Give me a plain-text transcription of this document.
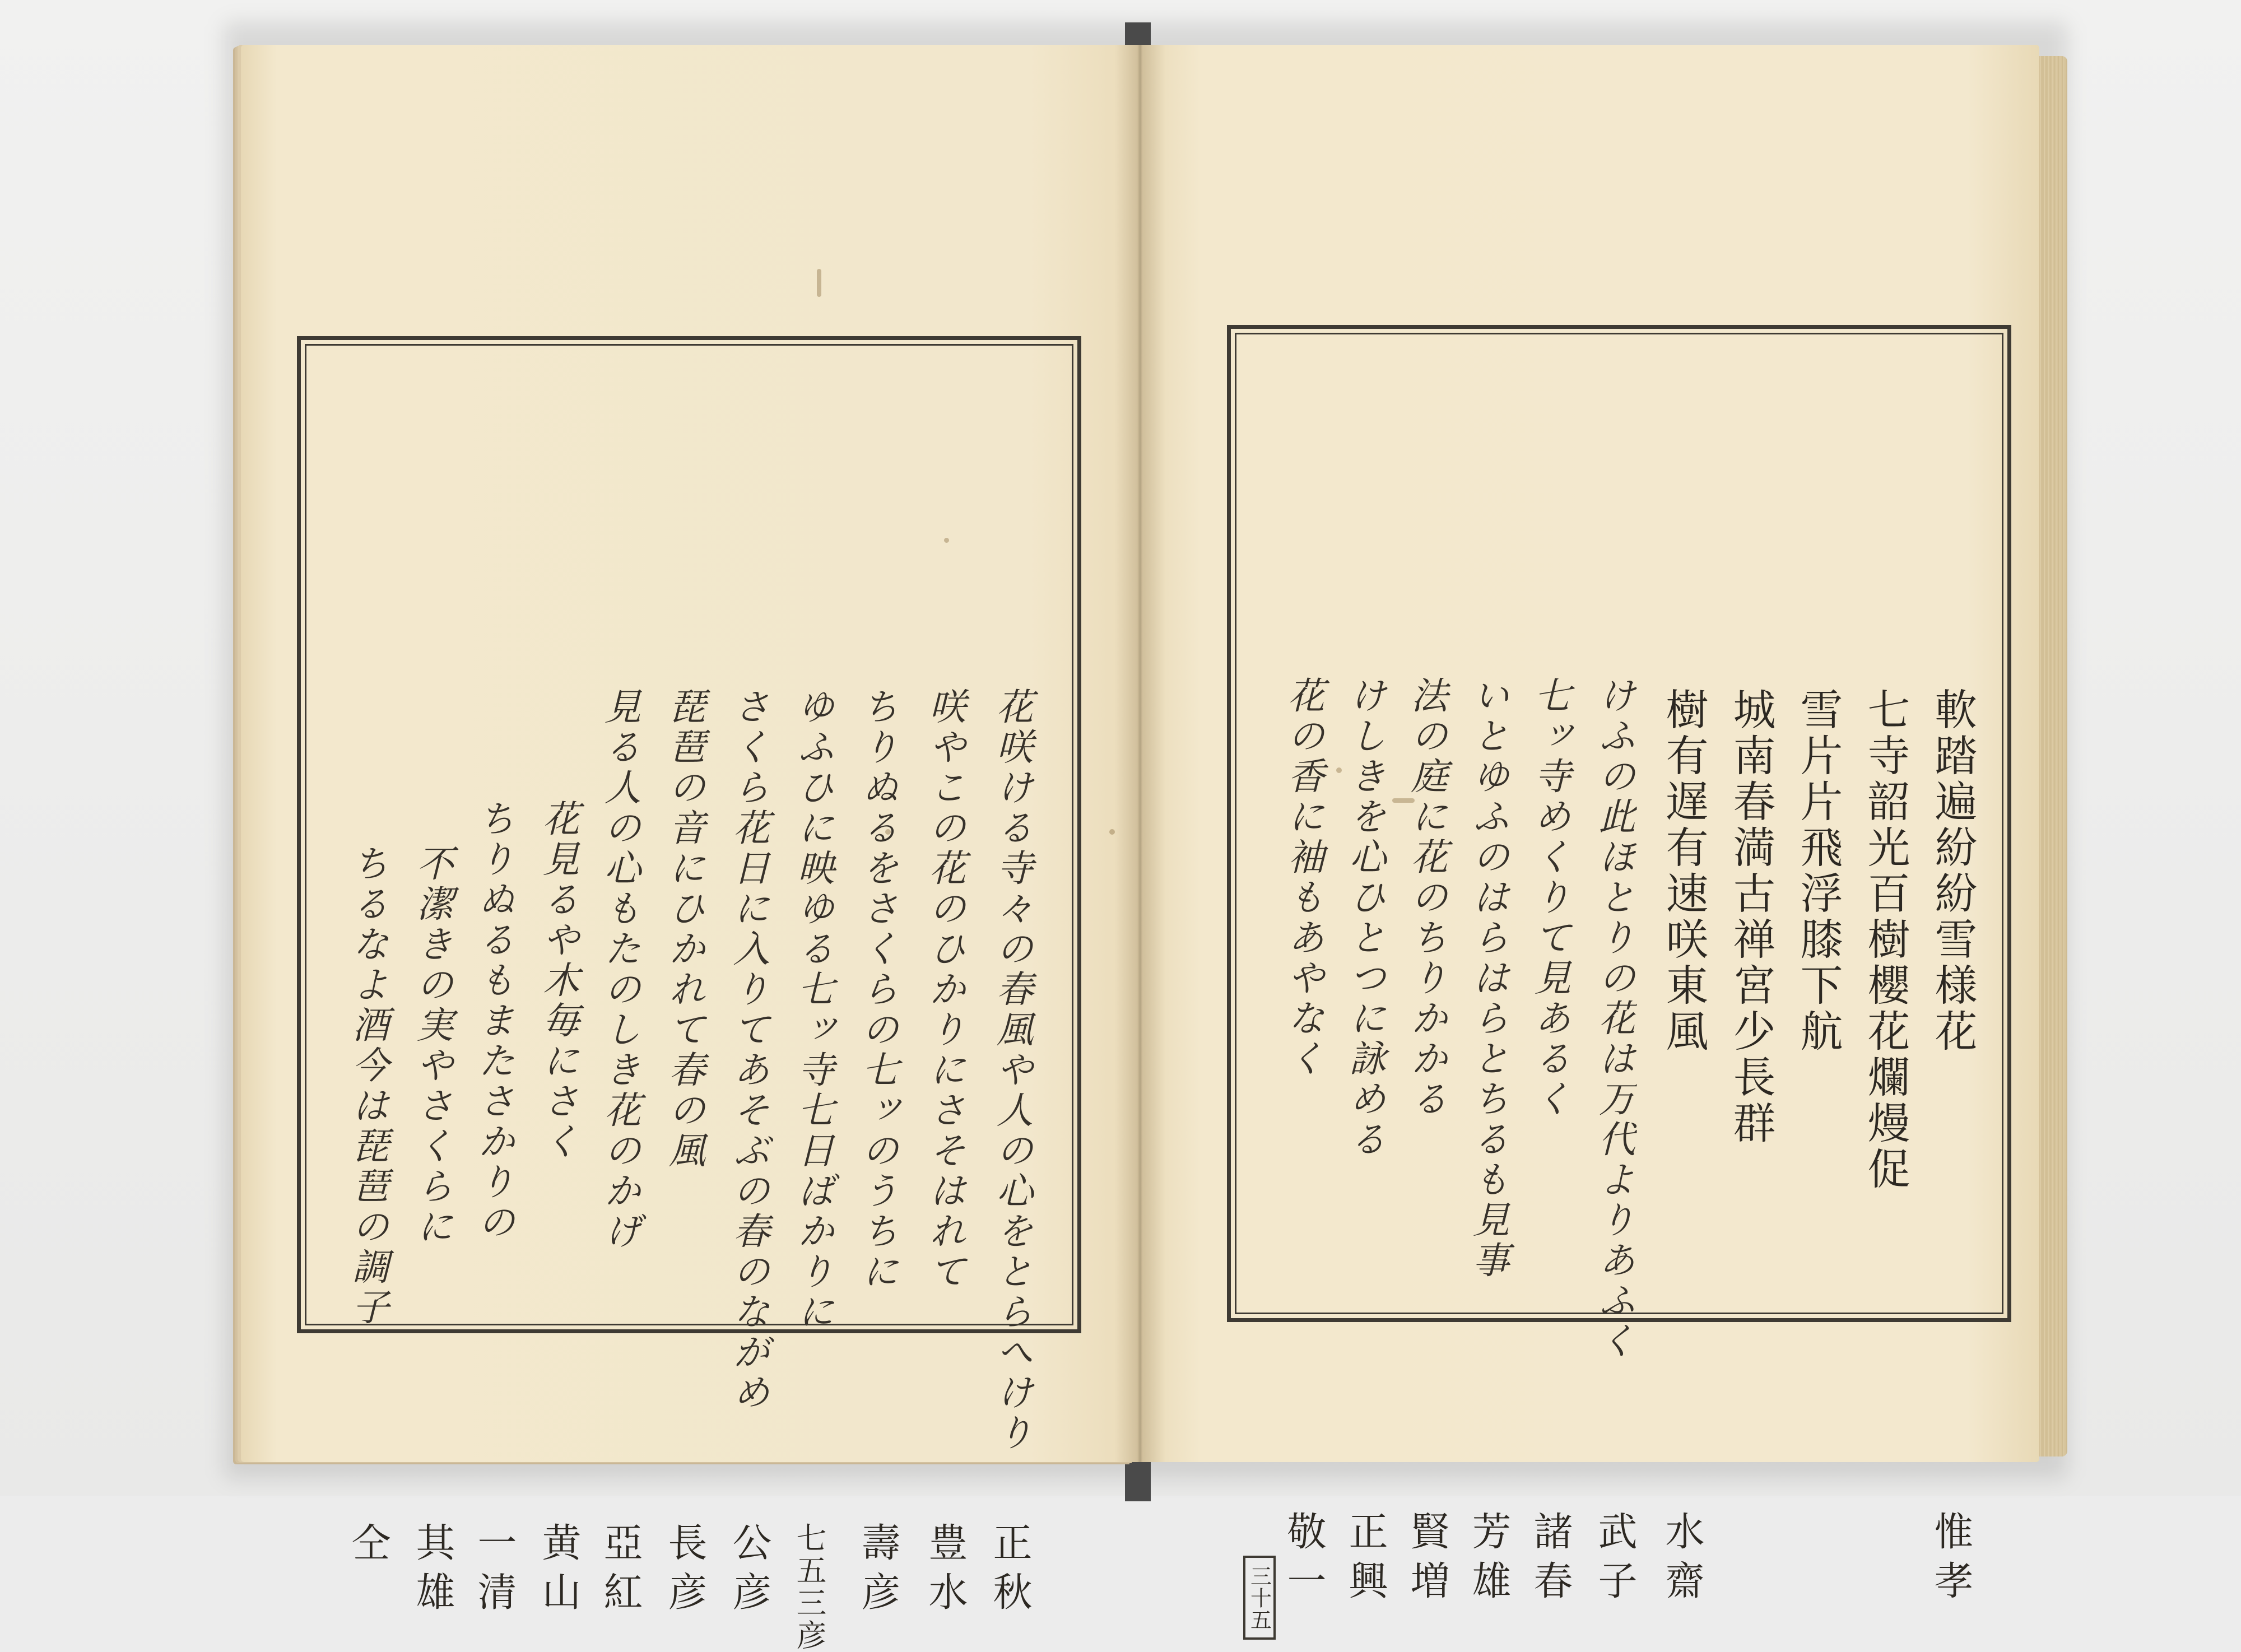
花咲ける寺々の春風や人の心をとらへけり
咲やこの花のひかりにさそはれて
ちりぬるをさくらの七ッのうちに
ゆふひに映ゆる七ッ寺七日ばかりに
さくら花日に入りてあそぶの春のながめ
琵琶の音にひかれて春の風
見る人の心もたのしき花のかげ
花見るや木毎にさく
ちりぬるもまたさかりの
不潔きの実やさくらに
ちるなよ酒今は琵琶の調子
正秋
豊水
壽彦
七五三彦
公彦
長彦
亞紅
黄山
一清
其雄
仝
軟踏遍紛紛雪様花
七寺韶光百樹櫻花爛熳促
雪片片飛浮膝下航
城南春満古禅宮少長群
樹有遅有速咲東風
けふの此ほとりの花は万代よりあふく
七ッ寺めくりて見あるく
いとゆふのはらはらとちるも見事
法の庭に花のちりかかる
けしきを心ひとつに詠める
花の香に袖もあやなく
惟孝
水齋
武子
諸春
芳雄
賢増
正興
敬一
三十五
